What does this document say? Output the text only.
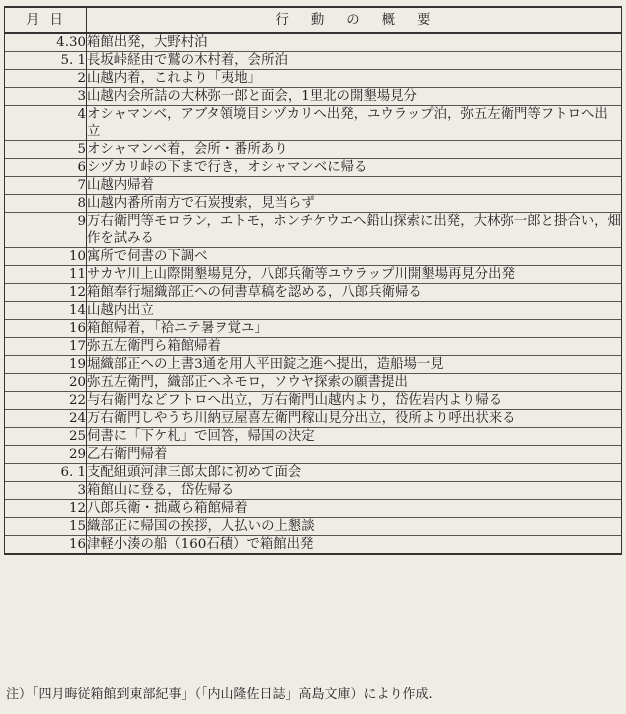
月日	行動の概要
4.30	箱館出発，大野村泊
5. 1	長坂峠経由で鷲の木村着，会所泊
2	山越内着，これより「夷地」
3	山越内会所詰の大林弥一郎と面会，1里北の開墾場見分
4	オシャマンベ，アブタ領境目シヅカリへ出発，ユウラップ泊，弥五左衛門等フトロへ出立
5	オシャマンベ着，会所・番所あり
6	シヅカリ峠の下まで行き，オシャマンベに帰る
7	山越内帰着
8	山越内番所南方で石炭捜索，見当らず
9	万右衛門等モロラン，エトモ，ホンチケウエへ鉛山探索に出発，大林弥一郎と掛合い，畑作を試みる
10	寓所で伺書の下調べ
11	サカヤ川上山際開墾場見分，八郎兵衛等ユウラップ川開墾場再見分出発
12	箱館奉行堀織部正への伺書草稿を認める，八郎兵衛帰る
14	山越内出立
16	箱館帰着，「袷ニテ暑ヲ覚ユ」
17	弥五左衛門ら箱館帰着
19	堀織部正への上書3通を用人平田錠之進へ提出，造船場一見
20	弥五左衛門，織部正へネモロ，ソウヤ探索の願書提出
22	与右衛門などフトロへ出立，万右衛門山越内より，岱佐岩内より帰る
24	万右衛門しやうち川納豆屋喜左衛門稼山見分出立，役所より呼出状来る
25	伺書に「下ケ札」で回答，帰国の決定
29	乙右衛門帰着
6. 1	支配組頭河津三郎太郎に初めて面会
3	箱館山に登る，岱佐帰る
12	八郎兵衛・拙蔵ら箱館帰着
15	織部正に帰国の挨拶，人払いの上懇談
16	津軽小湊の船（160石積）で箱館出発
注）「四月晦従箱館到東部紀事」（「内山隆佐日誌」高島文庫）により作成.
